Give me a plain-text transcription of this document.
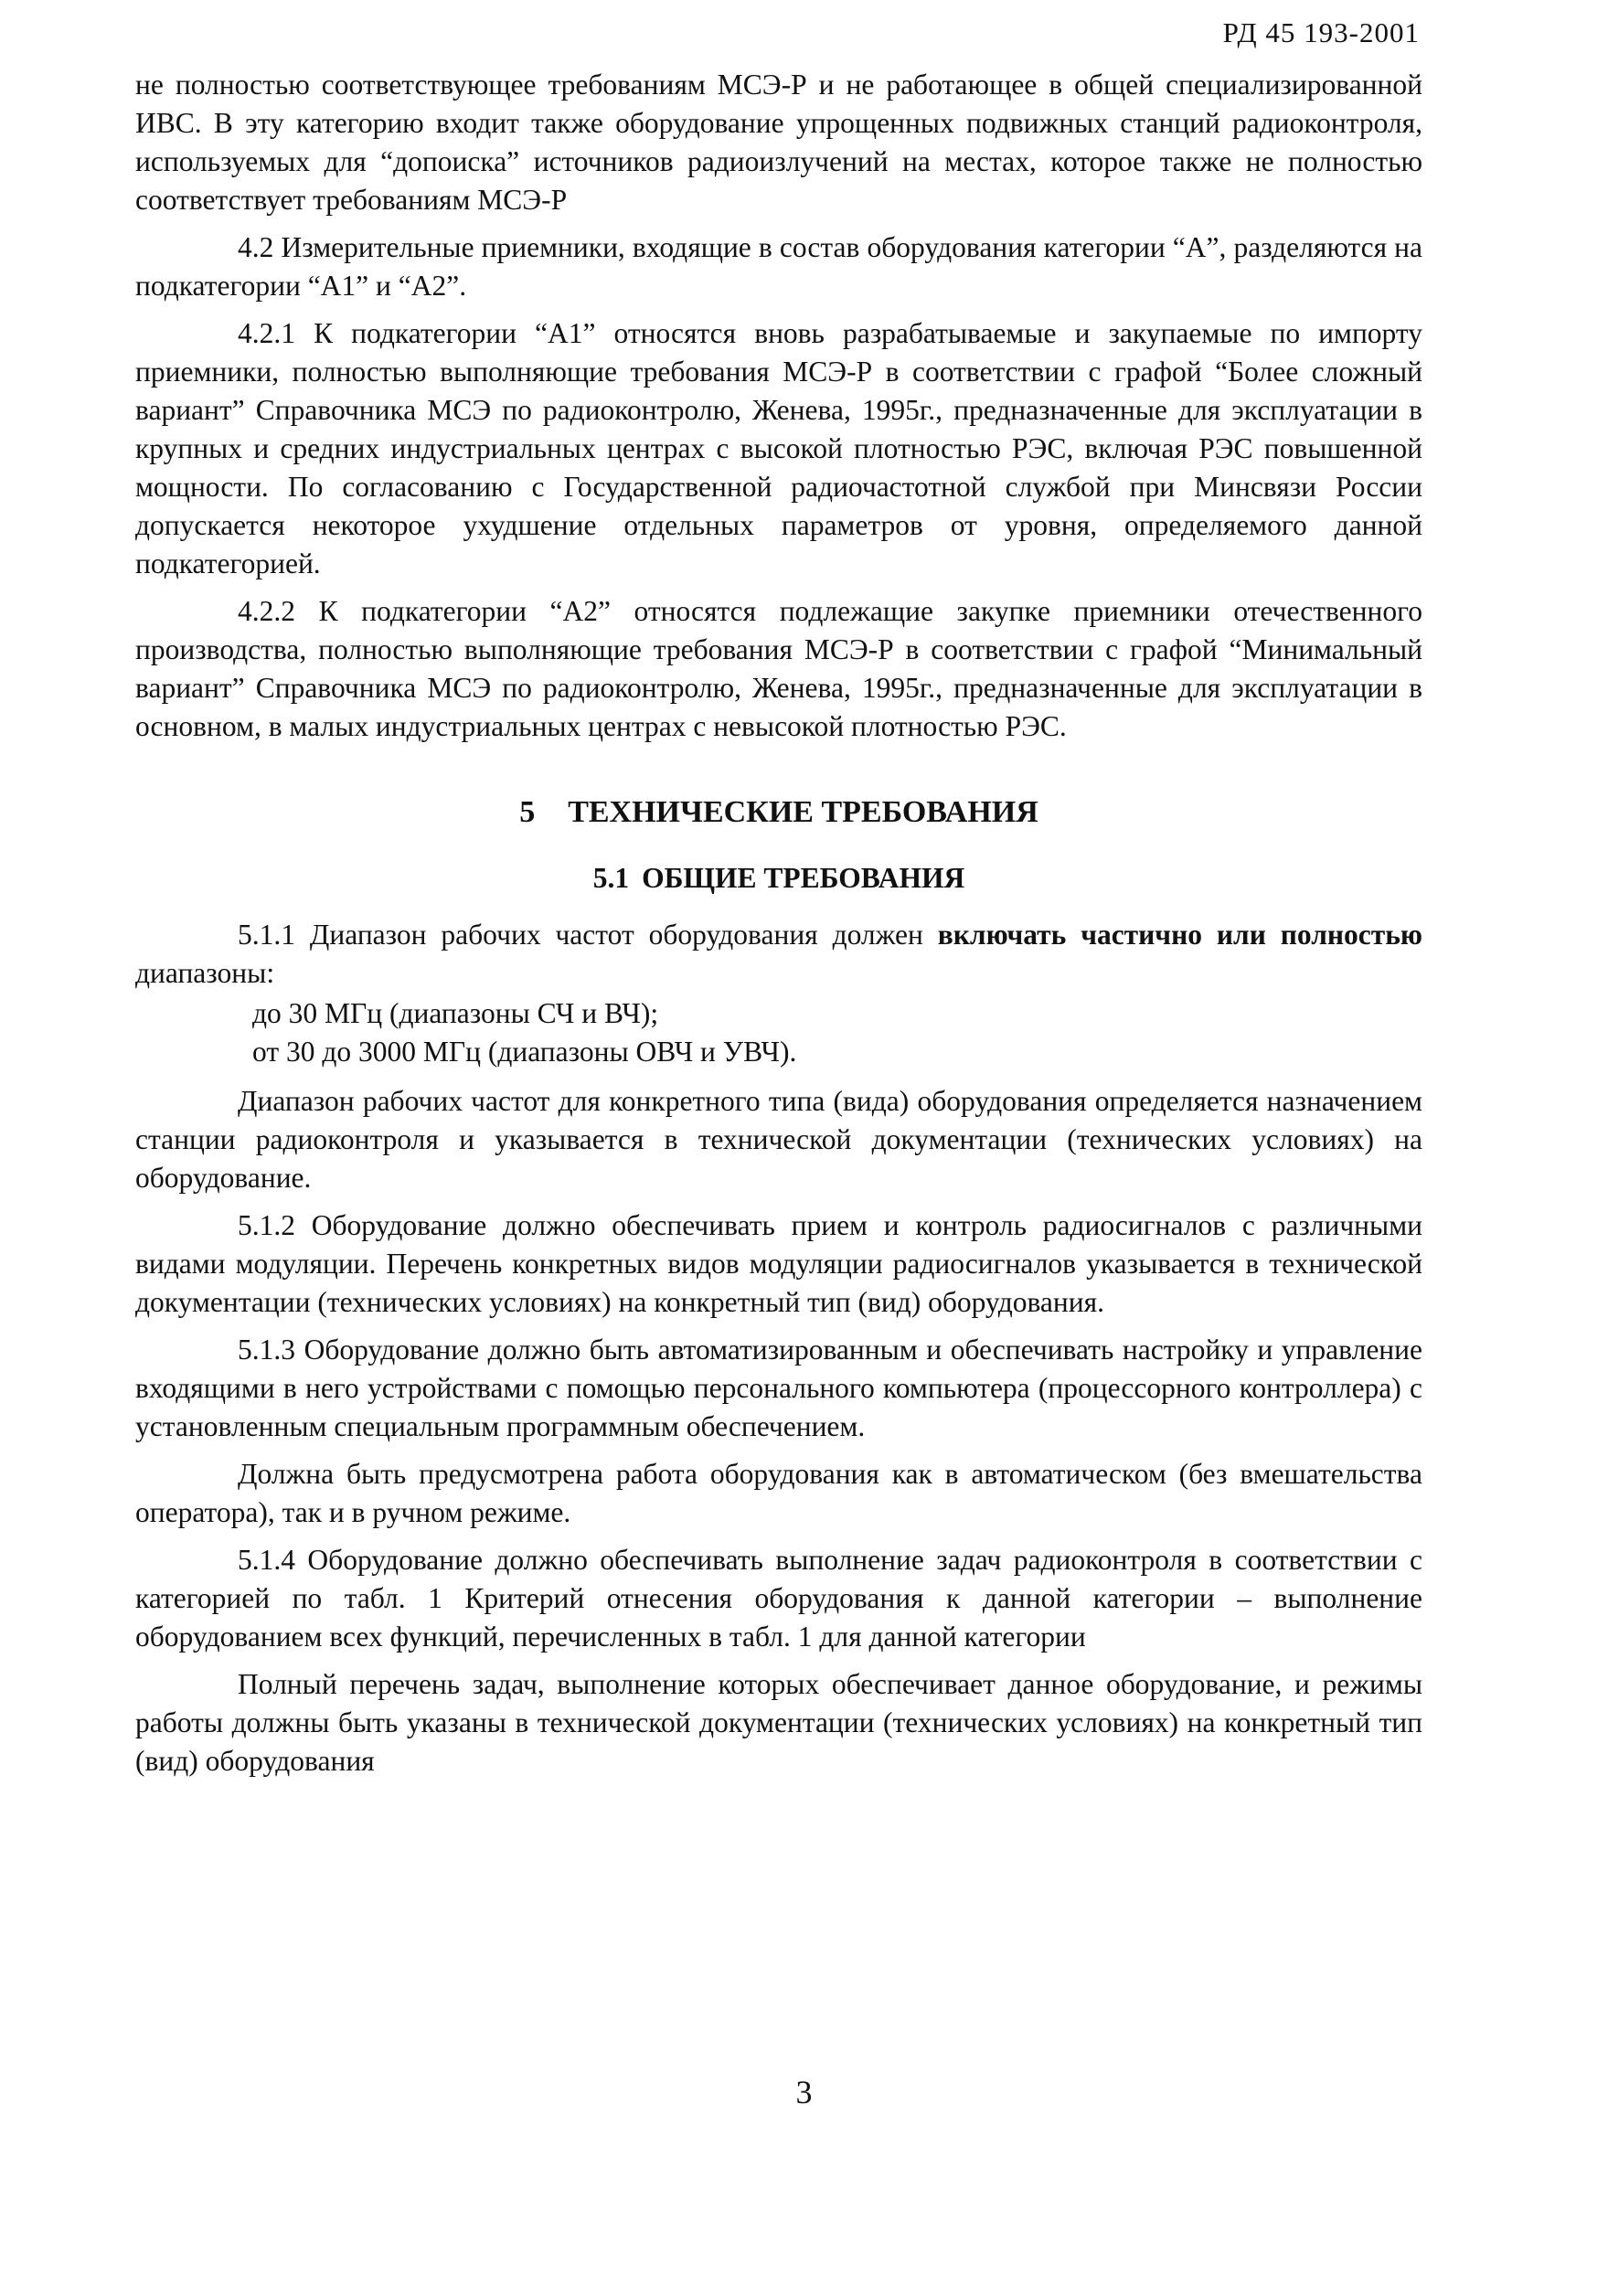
РД 45 193-2001

не полностью соответствующее требованиям МСЭ-Р и не работающее в общей специализированной ИВС. В эту категорию входит также оборудование упрощенных подвижных станций радиоконтроля, используемых для “допоиска” источников радиоизлучений на местах, которое также не полностью соответствует требованиям МСЭ-Р

4.2 Измерительные приемники, входящие в состав оборудования категории “А”, разделяются на подкатегории “А1” и “А2”.

4.2.1 К подкатегории “А1” относятся вновь разрабатываемые и закупаемые по импорту приемники, полностью выполняющие требования МСЭ-Р в соответствии с графой “Более сложный вариант” Справочника МСЭ по радиоконтролю, Женева, 1995г., предназначенные для эксплуатации в крупных и средних индустриальных центрах с высокой плотностью РЭС, включая РЭС повышенной мощности. По согласованию с Государственной радиочастотной службой при Минсвязи России допускается некоторое ухудшение отдельных параметров от уровня, определяемого данной подкатегорией.

4.2.2 К подкатегории “А2” относятся подлежащие закупке приемники отечественного производства, полностью выполняющие требования МСЭ-Р в соответствии с графой “Минимальный вариант” Справочника МСЭ по радиоконтролю, Женева, 1995г., предназначенные для эксплуатации в основном, в малых индустриальных центрах с невысокой плотностью РЭС.

5 ТЕХНИЧЕСКИЕ ТРЕБОВАНИЯ
5.1 ОБЩИЕ ТРЕБОВАНИЯ

5.1.1 Диапазон рабочих частот оборудования должен включать частично или полностью диапазоны:

до 30 МГц (диапазоны СЧ и ВЧ);
от 30 до 3000 МГц (диапазоны ОВЧ и УВЧ).

Диапазон рабочих частот для конкретного типа (вида) оборудования определяется назначением станции радиоконтроля и указывается в технической документации (технических условиях) на оборудование.

5.1.2 Оборудование должно обеспечивать прием и контроль радиосигналов с различными видами модуляции. Перечень конкретных видов модуляции радиосигналов указывается в технической документации (технических условиях) на конкретный тип (вид) оборудования.

5.1.3 Оборудование должно быть автоматизированным и обеспечивать настройку и управление входящими в него устройствами с помощью персонального компьютера (процессорного контроллера) с установленным специальным программным обеспечением.

Должна быть предусмотрена работа оборудования как в автоматическом (без вмешательства оператора), так и в ручном режиме.

5.1.4 Оборудование должно обеспечивать выполнение задач радиоконтроля в соответствии с категорией по табл. 1 Критерий отнесения оборудования к данной категории – выполнение оборудованием всех функций, перечисленных в табл. 1 для данной категории

Полный перечень задач, выполнение которых обеспечивает данное оборудование, и режимы работы должны быть указаны в технической документации (технических условиях) на конкретный тип (вид) оборудования

3
